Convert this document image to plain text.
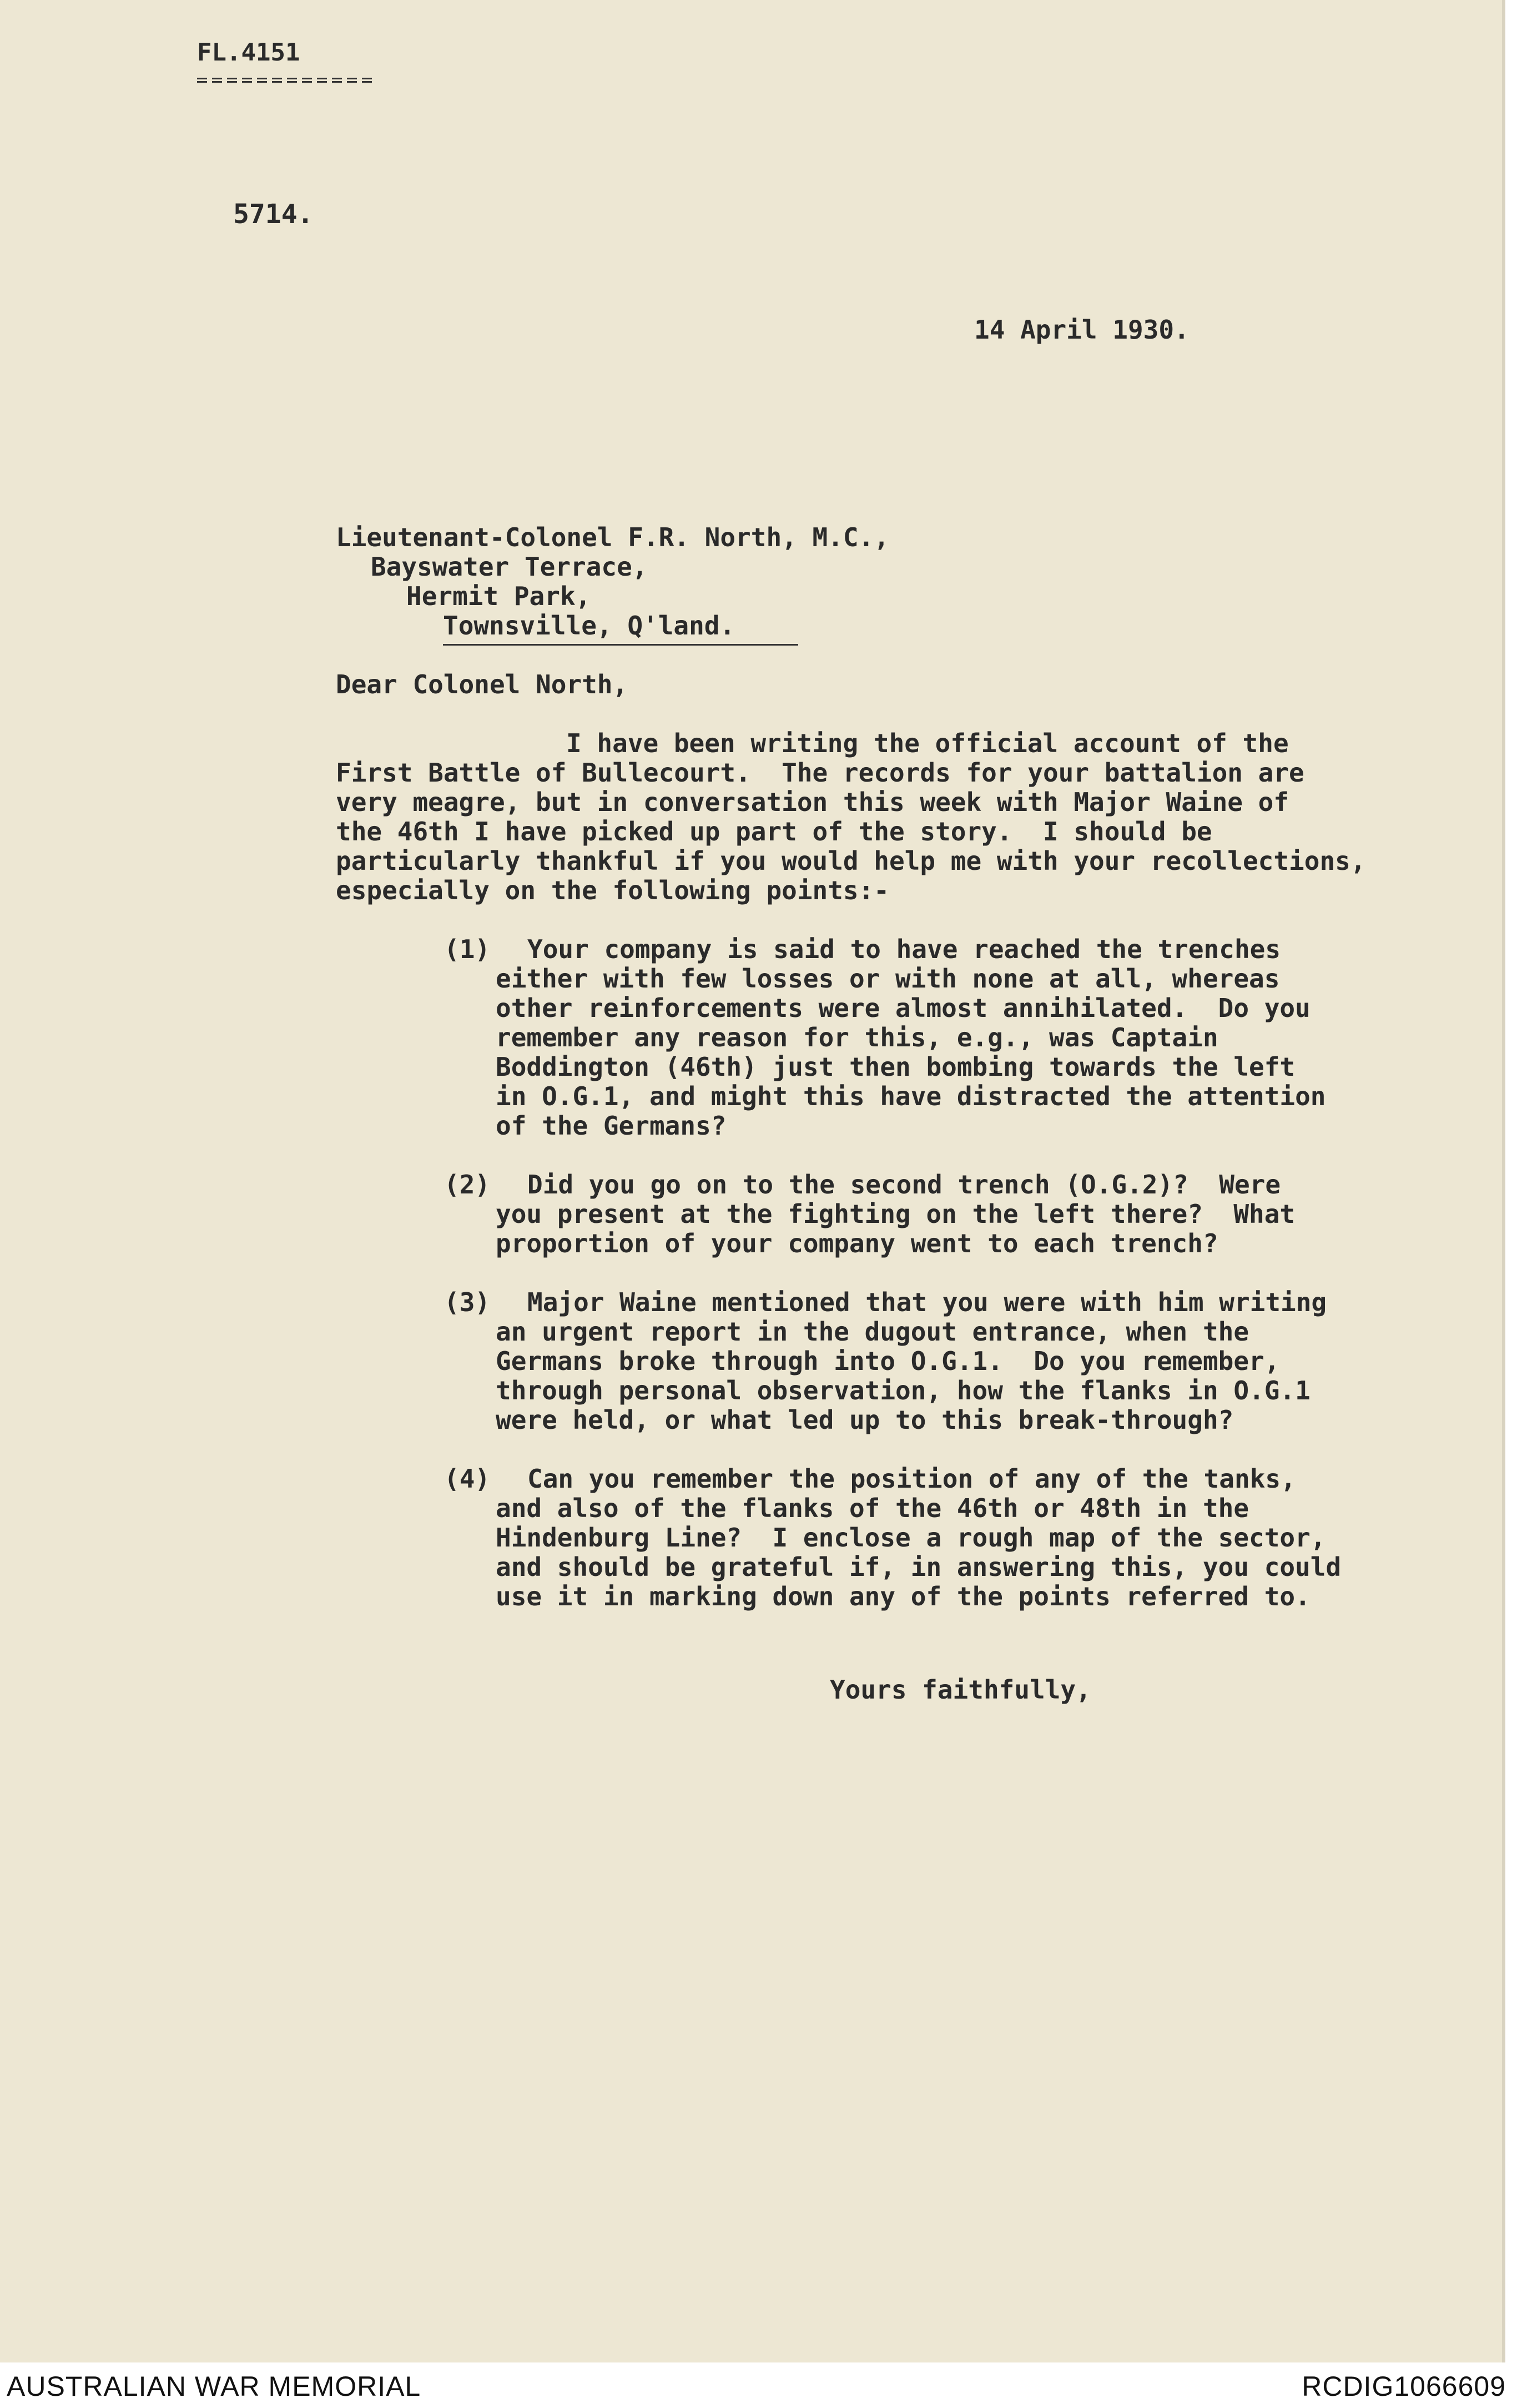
FL.4151
5714.
14 April 1930.
Lieutenant-Colonel F.R. North, M.C.,
Bayswater Terrace,
Hermit Park,
Townsville, Q'land.
Dear Colonel North,
I have been writing the official account of the
First Battle of Bullecourt.  The records for your battalion are
very meagre, but in conversation this week with Major Waine of
the 46th I have picked up part of the story.  I should be
particularly thankful if you would help me with your recollections,
especially on the following points:-
(1) Your company is said to have reached the trenches
either with few losses or with none at all, whereas
other reinforcements were almost annihilated.  Do you
remember any reason for this, e.g., was Captain
Boddington (46th) just then bombing towards the left
in O.G.1, and might this have distracted the attention
of the Germans?
(2) Did you go on to the second trench (O.G.2)?  Were
you present at the fighting on the left there?  What
proportion of your company went to each trench?
(3) Major Waine mentioned that you were with him writing
an urgent report in the dugout entrance, when the
Germans broke through into O.G.1.  Do you remember,
through personal observation, how the flanks in O.G.1
were held, or what led up to this break-through?
(4) Can you remember the position of any of the tanks,
and also of the flanks of the 46th or 48th in the
Hindenburg Line?  I enclose a rough map of the sector,
and should be grateful if, in answering this, you could
use it in marking down any of the points referred to.
Yours faithfully,
AUSTRALIAN WAR MEMORIAL	RCDIG1066609
